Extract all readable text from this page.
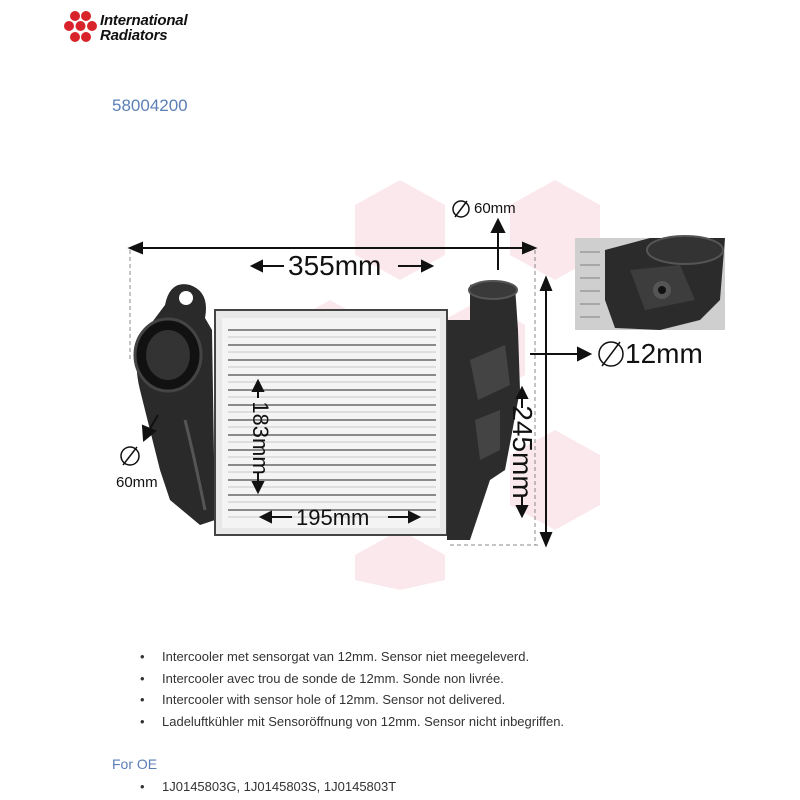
International
Radiators
58004200
355mm
60mm
60mm
12mm
195mm
183mm	245mm
• Intercooler met sensorgat van 12mm. Sensor niet meegeleverd.
• Intercooler avec trou de sonde de 12mm. Sonde non livrée.
• Intercooler with sensor hole of 12mm. Sensor not delivered.
• Ladeluftkühler mit Sensoröffnung von 12mm. Sensor nicht inbegriffen.
For OE
• 1J0145803G, 1J0145803S, 1J0145803T
